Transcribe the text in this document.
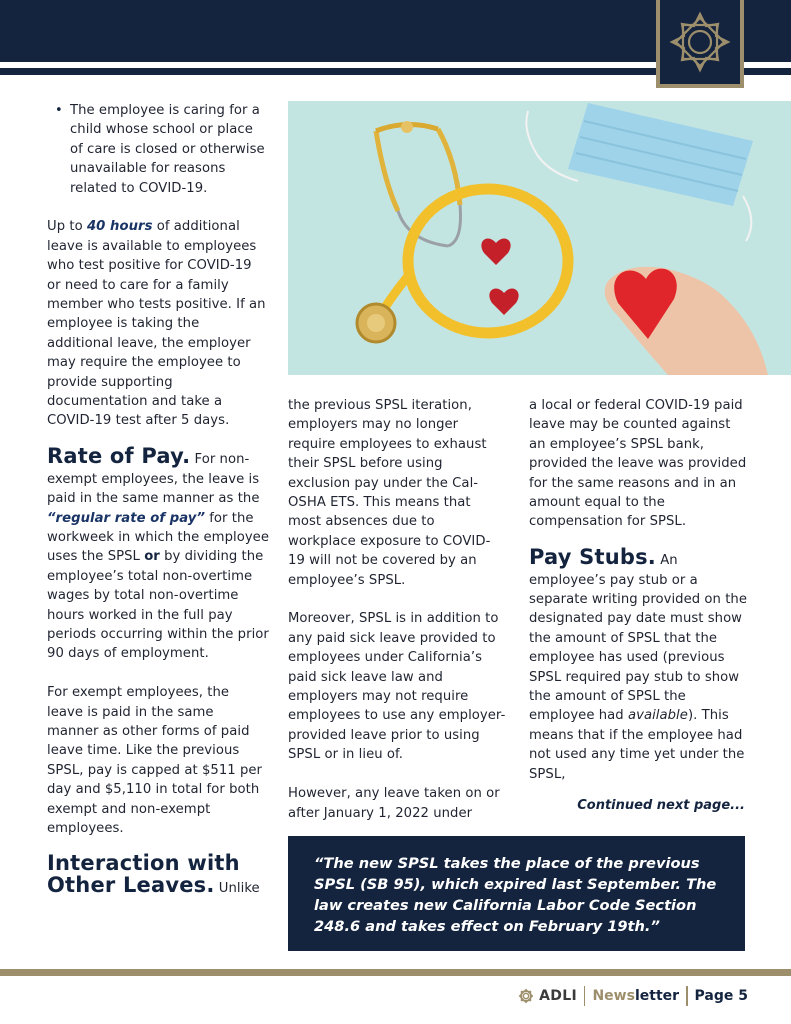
• The employee is caring for a child whose school or place of care is closed or otherwise unavailable for reasons related to COVID-19.

Up to 40 hours of additional leave is available to employees who test positive for COVID-19 or need to care for a family member who tests positive. If an employee is taking the additional leave, the employer may require the employee to provide supporting documentation and take a COVID-19 test after 5 days.

Rate of Pay. For non-exempt employees, the leave is paid in the same manner as the “regular rate of pay” for the workweek in which the employee uses the SPSL or by dividing the employee’s total non-overtime wages by total non-overtime hours worked in the full pay periods occurring within the prior 90 days of employment.

For exempt employees, the leave is paid in the same manner as other forms of paid leave time. Like the previous SPSL, pay is capped at $511 per day and $5,110 in total for both exempt and non-exempt employees.

Interaction with Other Leaves. Unlike

the previous SPSL iteration, employers may no longer require employees to exhaust their SPSL before using exclusion pay under the Cal-OSHA ETS. This means that most absences due to workplace exposure to COVID-19 will not be covered by an employee’s SPSL.

Moreover, SPSL is in addition to any paid sick leave provided to employees under California’s paid sick leave law and employers may not require employees to use any employer-provided leave prior to using SPSL or in lieu of.

However, any leave taken on or after January 1, 2022 under

a local or federal COVID-19 paid leave may be counted against an employee’s SPSL bank, provided the leave was provided for the same reasons and in an amount equal to the compensation for SPSL.

Pay Stubs. An employee’s pay stub or a separate writing provided on the designated pay date must show the amount of SPSL that the employee has used (previous SPSL required pay stub to show the amount of SPSL the employee had available). This means that if the employee had not used any time yet under the SPSL,

Continued next page...

“The new SPSL takes the place of the previous SPSL (SB 95), which expired last September. The law creates new California Labor Code Section 248.6 and takes effect on February 19th.”

ADLI Newsletter Page 5
